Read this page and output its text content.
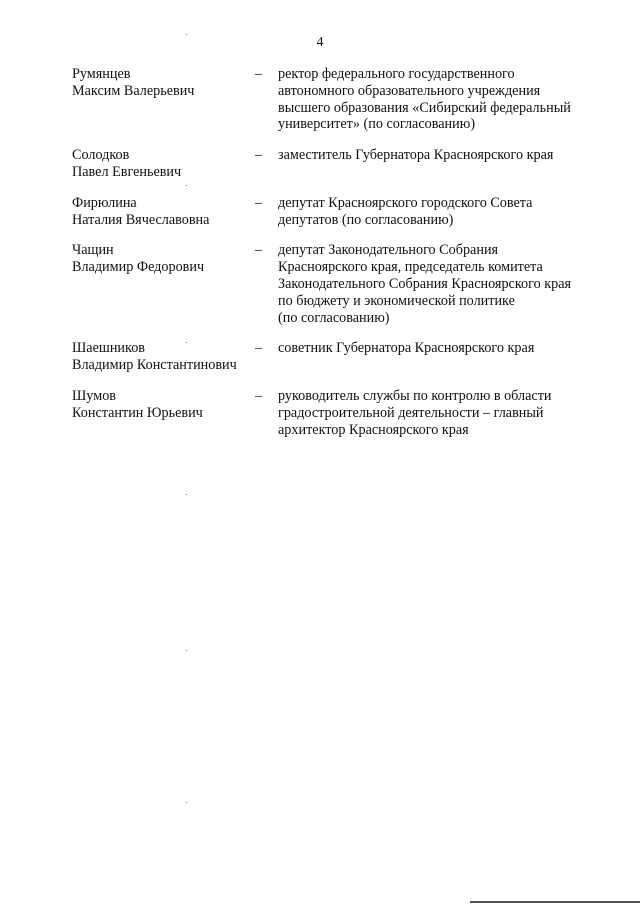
4
Румянцев
Максим Валерьевич
–	ректор федерального государственного
автономного образовательного учреждения
высшего образования «Сибирский федеральный
университет» (по согласованию)
Солодков
Павел Евгеньевич
–	заместитель Губернатора Красноярского края
Фирюлина
Наталия Вячеславовна
–	депутат Красноярского городского Совета
депутатов (по согласованию)
Чащин
Владимир Федорович
–	депутат Законодательного Собрания
Красноярского края, председатель комитета
Законодательного Собрания Красноярского края
по бюджету и экономической политике
(по согласованию)
Шаешников
Владимир Константинович
–	советник Губернатора Красноярского края
Шумов
Константин Юрьевич
–	руководитель службы по контролю в области
градостроительной деятельности – главный
архитектор Красноярского края
